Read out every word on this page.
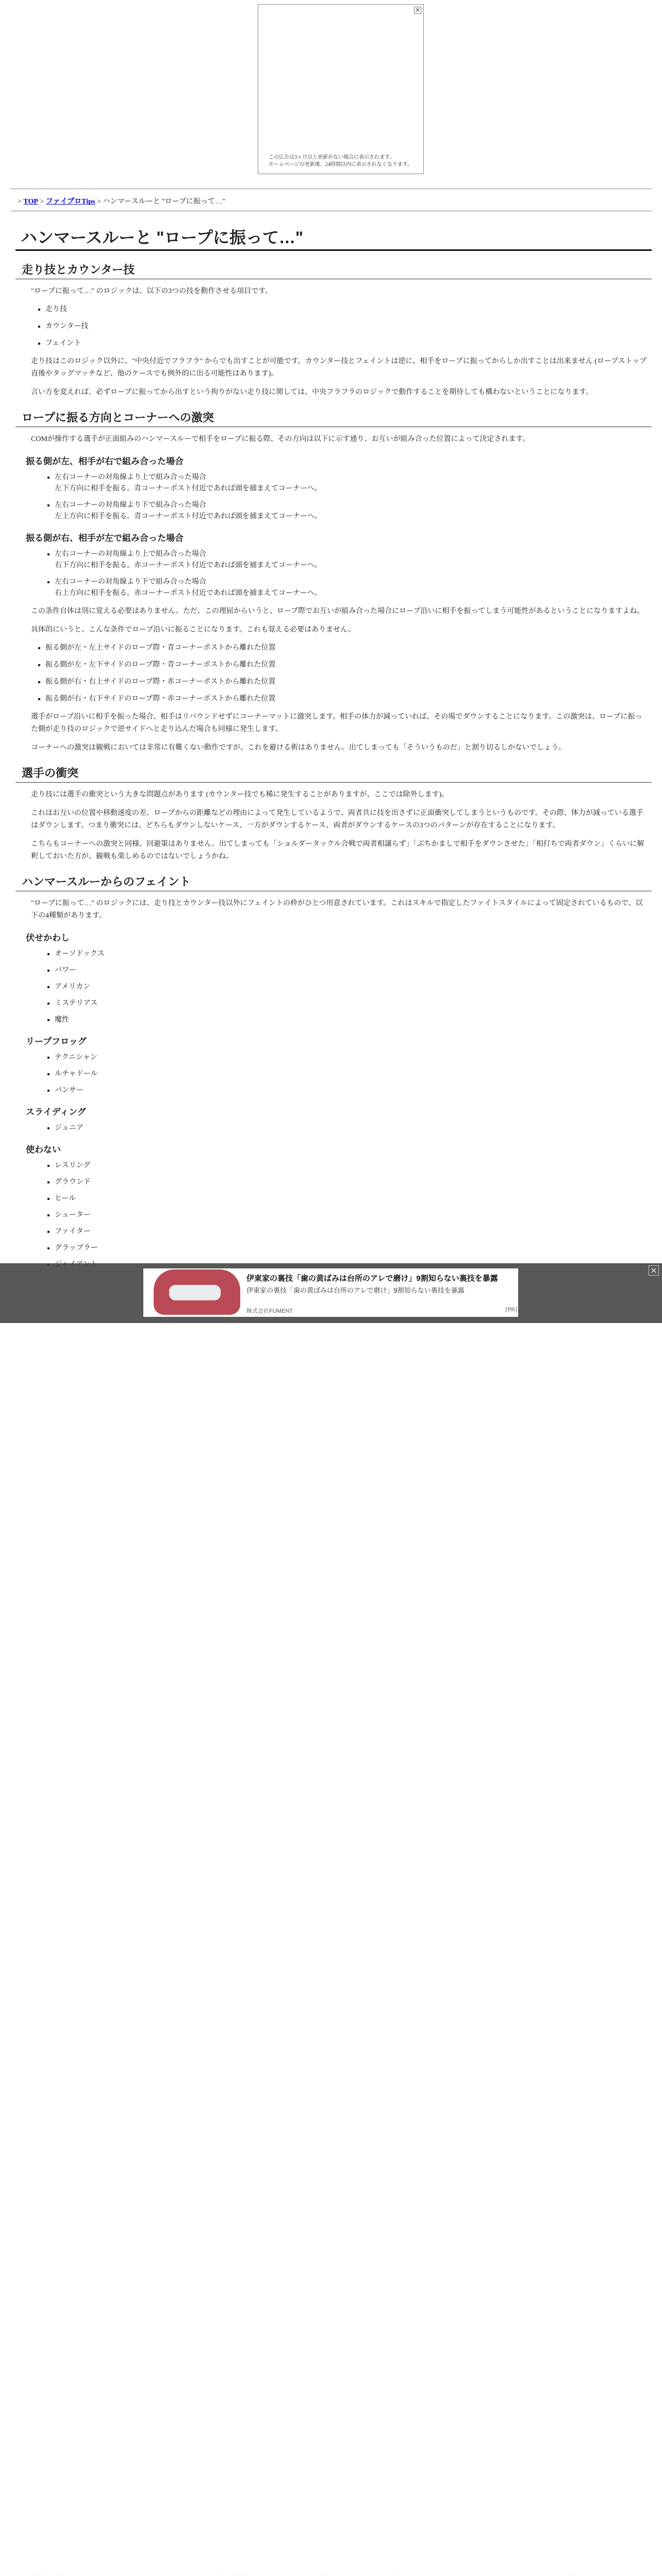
×
この広告は3ヶ月以上更新がない場合に表示されます。
ホームページの更新後、24時間以内に表示されなくなります。
> TOP > ファイプロTips > ハンマースルーと "ロープに振って…"
ハンマースルーと "ロープに振って…"
走り技とカウンター技

"ロープに振って…" のロジックは、以下の3つの技を動作させる項目です。

▪ 走り技
▪ カウンター技
▪ フェイント

走り技はこのロジック以外に、"中央付近でフラフラ" からでも出すことが可能です。カウンター技とフェイントは逆に、相手をロープに振ってからしか出すことは出来ません (ロープストップ直後やタッグマッチなど、他のケースでも例外的に出る可能性はあります)。

言い方を変えれば、必ずロープに振ってから出すという拘りがない走り技に関しては、中央フラフラのロジックで動作することを期待しても構わないということになります。

ロープに振る方向とコーナーへの激突

COMが操作する選手が正面組みのハンマースルーで相手をロープに振る際、その方向は以下に示す通り、お互いが組み合った位置によって決定されます。

振る側が左、相手が右で組み合った場合
▪ 左右コーナーの対角線より上で組み合った場合
左下方向に相手を振る。青コーナーポスト付近であれば頭を捕まえてコーナーへ。
▪ 左右コーナーの対角線より下で組み合った場合
左上方向に相手を振る。青コーナーポスト付近であれば頭を捕まえてコーナーへ。
振る側が右、相手が左で組み合った場合
▪ 左右コーナーの対角線より上で組み合った場合
右下方向に相手を振る。赤コーナーポスト付近であれば頭を捕まえてコーナーへ。
▪ 左右コーナーの対角線より下で組み合った場合
右上方向に相手を振る。赤コーナーポスト付近であれば頭を捕まえてコーナーへ。

この条件自体は別に覚える必要はありません。ただ、この理屈からいうと、ロープ際でお互いが組み合った場合にロープ沿いに相手を振ってしまう可能性があるということになりますよね。

具体的にいうと、こんな条件でロープ沿いに振ることになります。これも覚える必要はありません。

▪ 振る側が左・左上サイドのロープ際・青コーナーポストから離れた位置
▪ 振る側が左・左下サイドのロープ際・青コーナーポストから離れた位置
▪ 振る側が右・右上サイドのロープ際・赤コーナーポストから離れた位置
▪ 振る側が右・右下サイドのロープ際・赤コーナーポストから離れた位置

選手がロープ沿いに相手を振った場合、相手はリバウンドせずにコーナーマットに激突します。相手の体力が減っていれば、その場でダウンすることになります。この激突は、ロープに振った側が走り技のロジックで逆サイドへと走り込んだ場合も同様に発生します。

コーナーへの激突は観戦においては非常に有難くない動作ですが、これを避ける術はありません。出てしまっても「そういうものだ」と割り切るしかないでしょう。

選手の衝突

走り技には選手の衝突という大きな問題点があります (カウンター技でも稀に発生することがありますが、ここでは除外します)。

これはお互いの位置や移動速度の差、ロープからの距離などの理由によって発生しているようで、両者共に技を出さずに正面衝突してしまうというものです。その際、体力が減っている選手はダウンします。つまり衝突には、どちらもダウンしないケース、一方がダウンするケース、両者がダウンするケースの3つのパターンが存在することになります。

こちらもコーナーへの激突と同様、回避策はありません。出てしまっても「ショルダータックル合戦で両者相譲らず」「ぶちかましで相手をダウンさせた」「相打ちで両者ダウン」くらいに解釈しておいた方が、観戦も楽しめるのではないでしょうかね。

ハンマースルーからのフェイント

"ロープに振って…" のロジックには、走り技とカウンター技以外にフェイントの枠がひとつ用意されています。これはスキルで指定したファイトスタイルによって固定されているもので、以下の4種類があります。

伏せかわし
▪ オーソドックス
▪ パワー
▪ アメリカン
▪ ミステリアス
▪ 魔性
リープフロッグ
▪ テクニシャン
▪ ルチャドール
▪ パンサー
スライディング
▪ ジュニア
使わない
▪ レスリング
▪ グラウンド
▪ ヒール
▪ シューター
▪ ファイター
▪ グラップラー
▪
×
伊東家の裏技「歯の黄ばみは台所のアレで磨け」9割知らない裏技を暴露
伊東家の裏技「歯の黄ばみは台所のアレで磨け」9割知らない裏技を暴露
株式会社FUMENT	[PR]
